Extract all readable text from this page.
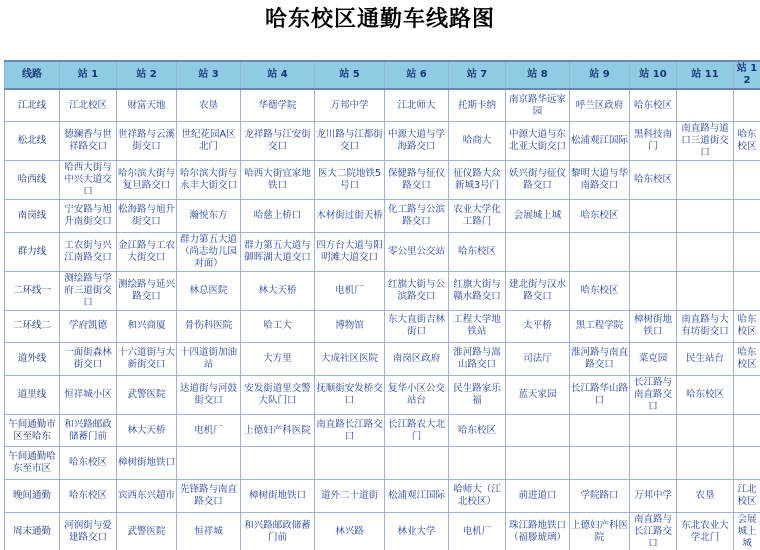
哈东校区通勤车线路图
线路	站 1	站 2	站 3	站 4	站 5	站 6	站 7	站 8	站 9	站 10	站 11	站 12
江北线	江北校区	财富天地	农垦	华德学院	万邦中学	江北师大	托斯卡纳	南京路华远家园	呼兰区政府	哈东校区		
松北线	德澜香与世祥路交口	世祥路与云溪街交口	世纪花园A区北门	龙祥路与江安街交口	龙川路与江都街交口	中源大道与学海路交口	哈商大	中源大道与东北亚大街交口	松浦观江国际	黑科技南门	南直路与道口三道街交口	哈东校区
哈西线	哈西大街与中兴大道交口	哈尔滨大街与复旦路交口	哈尔滨大街与永丰大街交口	哈西大街宜家地铁口	医大二院地铁5号口	保健路与征仪路交口	征仪路大众新城3号门	妖兴街与征仪路交口	黎明大道与华南路交口	哈东校区		
南岗线	宁安路与旭升南街交口	松海路与旭升街交口	瀚悦东方	哈慈上桥口	木材街过街天桥	化工路与公滨路交口	农业大学化工路门	会展城上城	哈东校区			
群力线	工农街与兴江南路交口	金江路与工农大街交口	群力第五大道（尚志幼儿园对面）	群力第五大道与御晖湖大道交口	四方台大道与阳明滩大道交口	零公里公交站	哈东校区					
二环线一	测绘路与学府三道街交口	测绘路与延兴路交口	林总医院	林大天桥	电机厂	红旗大街与公滨路交口	红旗大街与赣水路交口	建北街与汉水路交口	哈东校区			
二环线二	学府凯德	和兴商厦	骨伤科医院	哈工大	博物馆	东大直街吉林街口	工程大学地铁站	太平桥	黑工程学院	樟树街地铁口	南直路与大有坊街交口	哈东校区
道外线	一面街森林街交口	十六道街与大新街交口	十四道街加油站	大方里	大成社区医院	南岗区政府	淮河路与嵩山路交口	司法厅	淮河路与南直路交口	菜克园	民生站台	哈东校区
道里线	恒祥城小区	武警医院	达道街与河鼓街交口	安发街道里交警大队门口	抚顺街安发桥交口	复华小区公交站台	民生路家乐福	蓝天家园	长江路华山路口	长江路与南直路交口	哈东校区	
午间通勤市区至哈东	和兴路邮政储蓄门前	林大天桥	电机厂	上德妇产科医院	南直路长江路交口	长江路农大北门	哈东校区					
午间通勤哈东至市区	哈东校区	樟树街地铁口										
晚间通勤	哈东校区	宾西东兴超市	先锋路与南直路交口	樟树街地铁口	道外二十道街	松浦观江国际	哈师大（江北校区）	前进道口	学院路口	万邦中学	农垦	江北校区
周末通勤	河润街与爱建路交口	武警医院	恒祥城	和兴路邮政储蓄门前	林兴路	林业大学	电机厂	珠江路地铁口（福滕琥璃）	上德妇产科医院	南直路与长江路交口	东北农业大学北门	会展城上城
